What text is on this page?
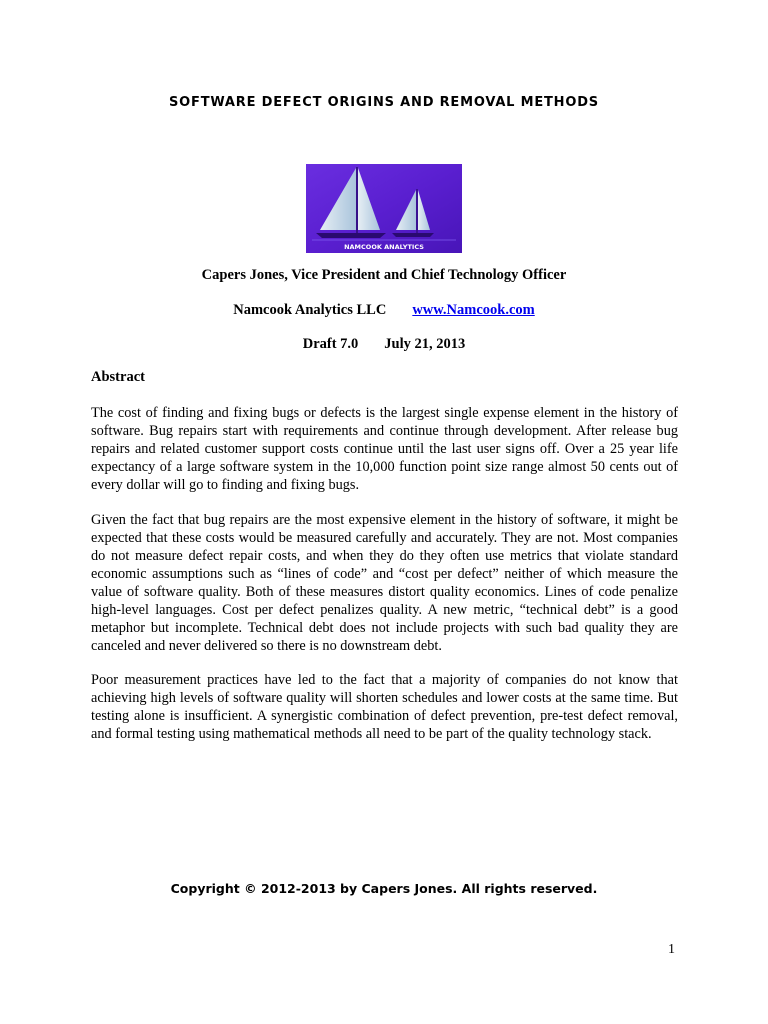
SOFTWARE DEFECT ORIGINS AND REMOVAL METHODS
NAMCOOK ANALYTICS
Capers Jones, Vice President and Chief Technology Officer
Namcook Analytics LLC www.Namcook.com
Draft 7.0 July 21, 2013
Abstract

The cost of finding and fixing bugs or defects is the largest single expense element in the history of software. Bug repairs start with requirements and continue through development. After release bug repairs and related customer support costs continue until the last user signs off. Over a 25 year life expectancy of a large software system in the 10,000 function point size range almost 50 cents out of every dollar will go to finding and fixing bugs.

Given the fact that bug repairs are the most expensive element in the history of software, it might be expected that these costs would be measured carefully and accurately. They are not. Most companies do not measure defect repair costs, and when they do they often use metrics that violate standard economic assumptions such as “lines of code” and “cost per defect” neither of which measure the value of software quality. Both of these measures distort quality economics. Lines of code penalize high-level languages. Cost per defect penalizes quality. A new metric, “technical debt” is a good metaphor but incomplete. Technical debt does not include projects with such bad quality they are canceled and never delivered so there is no downstream debt.

Poor measurement practices have led to the fact that a majority of companies do not know that achieving high levels of software quality will shorten schedules and lower costs at the same time. But testing alone is insufficient. A synergistic combination of defect prevention, pre-test defect removal, and formal testing using mathematical methods all need to be part of the quality technology stack.

Copyright © 2012-2013 by Capers Jones. All rights reserved.
1
